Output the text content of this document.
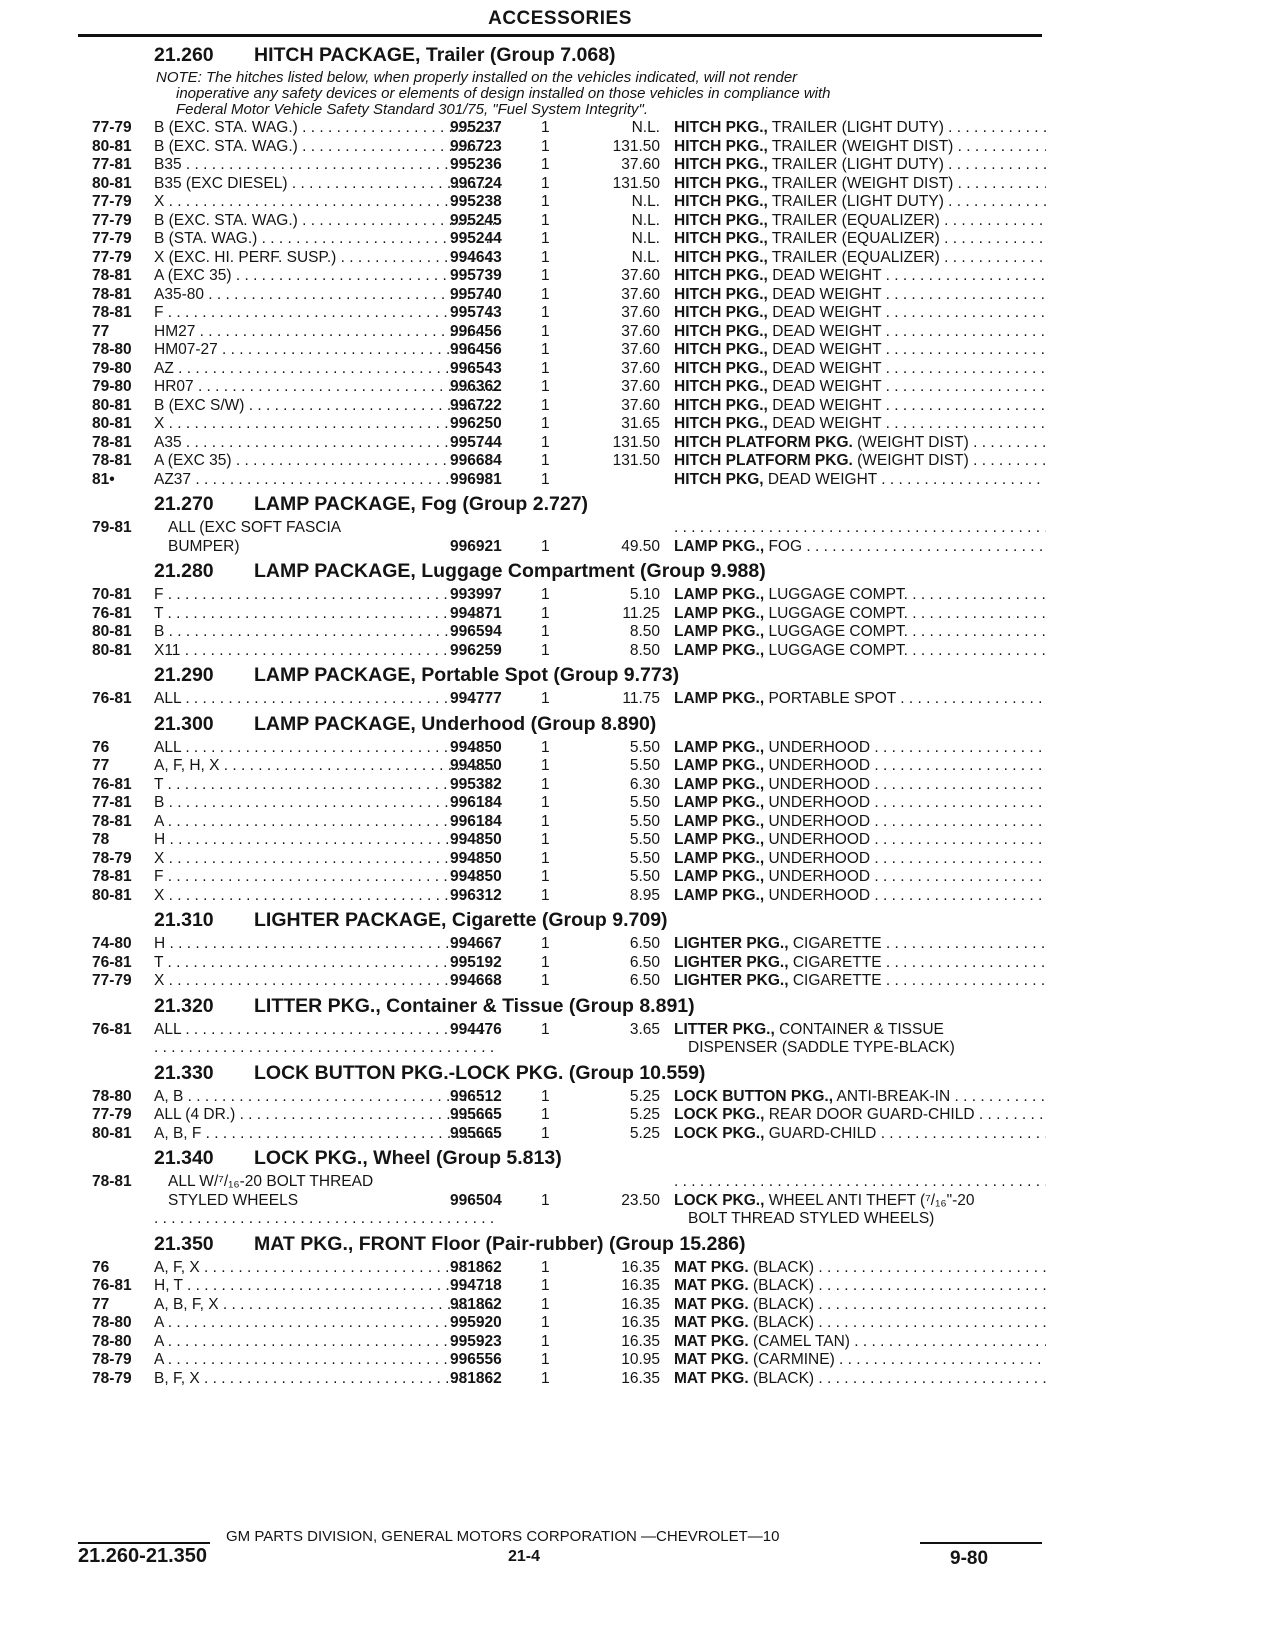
ACCESSORIES
21.260 HITCH PACKAGE, Trailer (Group 7.068)
NOTE: The hitches listed below, when properly installed on the vehicles indicated, will not render
inoperative any safety devices or elements of design installed on those vehicles in compliance with
Federal Motor Vehicle Safety Standard 301/75, "Fuel System Integrity".
77-79 B (EXC. STA. WAG.) . . .	995237	1	N.L. HITCH PKG., TRAILER (LIGHT DUTY) . . .
80-81 B (EXC. STA. WAG.) . . .	996723	1	131.50 HITCH PKG., TRAILER (WEIGHT DIST) . . .
77-81 B35 . . .	995236	1	37.60 HITCH PKG., TRAILER (LIGHT DUTY) . . .
80-81 B35 (EXC DIESEL) . . .	996724	1	131.50 HITCH PKG., TRAILER (WEIGHT DIST) . . .
77-79 X . . .	995238	1	N.L. HITCH PKG., TRAILER (LIGHT DUTY) . . .
77-79 B (EXC. STA. WAG.) . . .	995245	1	N.L. HITCH PKG., TRAILER (EQUALIZER) . . .
77-79 B (STA. WAG.) . . .	995244	1	N.L. HITCH PKG., TRAILER (EQUALIZER) . . .
77-79 X (EXC. HI. PERF. SUSP.) . . .	994643	1	N.L. HITCH PKG., TRAILER (EQUALIZER) . . .
78-81 A (EXC 35) . . .	995739	1	37.60 HITCH PKG., DEAD WEIGHT . . .
78-81 A35-80 . . .	995740	1	37.60 HITCH PKG., DEAD WEIGHT . . .
78-81 F . . .	995743	1	37.60 HITCH PKG., DEAD WEIGHT . . .
77	HM27 . . .	996456	1	37.60 HITCH PKG., DEAD WEIGHT . . .
78-80 HM07-27 . . .	996456	1	37.60 HITCH PKG., DEAD WEIGHT . . .
79-80 AZ . . .	996543	1	37.60 HITCH PKG., DEAD WEIGHT . . .
79-80 HR07 . . .	996362	1	37.60 HITCH PKG., DEAD WEIGHT . . .
80-81 B (EXC S/W) . . .	996722	1	37.60 HITCH PKG., DEAD WEIGHT . . .
80-81 X . . .	996250	1	31.65 HITCH PKG., DEAD WEIGHT . . .
78-81 A35 . . .	995744	1	131.50 HITCH PLATFORM PKG. (WEIGHT DIST) . . .
78-81 A (EXC 35) . . .	996684	1	131.50 HITCH PLATFORM PKG. (WEIGHT DIST) . . .
81•	AZ37 . . .	996981	1	HITCH PKG, DEAD WEIGHT . . .
21.270 LAMP PACKAGE, Fog (Group 2.727)
79-81	ALL (EXC SOFT FASCIA
. . .
BUMPER)	996921	1	49.50 LAMP PKG., FOG . . .
21.280 LAMP PACKAGE, Luggage Compartment (Group 9.988)
70-81 F . . .	993997	1	5.10 LAMP PKG., LUGGAGE COMPT. . . .
76-81 T . . .	994871	1	11.25 LAMP PKG., LUGGAGE COMPT. . . .
80-81 B . . .	996594	1	8.50 LAMP PKG., LUGGAGE COMPT. . . .
80-81 X11 . . .	996259	1	8.50 LAMP PKG., LUGGAGE COMPT. . . .
21.290 LAMP PACKAGE, Portable Spot (Group 9.773)
76-81 ALL . . .	994777	1	11.75 LAMP PKG., PORTABLE SPOT . . .
21.300 LAMP PACKAGE, Underhood (Group 8.890)
76	ALL . . .	994850	1	5.50 LAMP PKG., UNDERHOOD . . .
77	A, F, H, X . . .	994850	1	5.50 LAMP PKG., UNDERHOOD . . .
76-81 T . . .	995382	1	6.30 LAMP PKG., UNDERHOOD . . .
77-81 B . . .	996184	1	5.50 LAMP PKG., UNDERHOOD . . .
78-81 A . . .	996184	1	5.50 LAMP PKG., UNDERHOOD . . .
78	H . . .	994850	1	5.50 LAMP PKG., UNDERHOOD . . .
78-79 X . . .	994850	1	5.50 LAMP PKG., UNDERHOOD . . .
78-81 F . . .	994850	1	5.50 LAMP PKG., UNDERHOOD . . .
80-81 X . . .	996312	1	8.95 LAMP PKG., UNDERHOOD . . .
21.310 LIGHTER PACKAGE, Cigarette (Group 9.709)
74-80 H . . .	994667	1	6.50 LIGHTER PKG., CIGARETTE . . .
76-81 T . . .	995192	1	6.50 LIGHTER PKG., CIGARETTE . . .
77-79 X . . .	994668	1	6.50 LIGHTER PKG., CIGARETTE . . .
21.320 LITTER PKG., Container & Tissue (Group 8.891)
76-81 ALL . . .	994476	1	3.65 LITTER PKG., CONTAINER & TISSUE
. . .
DISPENSER (SADDLE TYPE-BLACK)
21.330 LOCK BUTTON PKG.-LOCK PKG. (Group 10.559)
78-80 A, B . . .	996512	1	5.25 LOCK BUTTON PKG., ANTI-BREAK-IN . . .
77-79 ALL (4 DR.) . . .	995665	1	5.25 LOCK PKG., REAR DOOR GUARD-CHILD . . .
80-81 A, B, F . . .	995665	1	5.25 LOCK PKG., GUARD-CHILD . . .
21.340 LOCK PKG., Wheel (Group 5.813)
78-81	ALL W/⁷/₁₆-20 BOLT THREAD
. . .
STYLED WHEELS	996504	1	23.50 LOCK PKG., WHEEL ANTI THEFT (⁷/₁₆"-20
. . .
BOLT THREAD STYLED WHEELS)
21.350 MAT PKG., FRONT Floor (Pair-rubber) (Group 15.286)
76	A, F, X . . .	981862	1	16.35 MAT PKG. (BLACK) . . .
76-81 H, T . . .	994718	1	16.35 MAT PKG. (BLACK) . . .
77	A, B, F, X . . .	981862	1	16.35 MAT PKG. (BLACK) . . .
78-80 A . . .	995920	1	16.35 MAT PKG. (BLACK) . . .
78-80 A . . .	995923	1	16.35 MAT PKG. (CAMEL TAN) . . .
78-79 A . . .	996556	1	10.95 MAT PKG. (CARMINE) . . .
78-79 B, F, X . . .	981862	1	16.35 MAT PKG. (BLACK) . . .
GM PARTS DIVISION, GENERAL MOTORS CORPORATION —CHEVROLET—10
21.260-21.350	21-4	9-80
